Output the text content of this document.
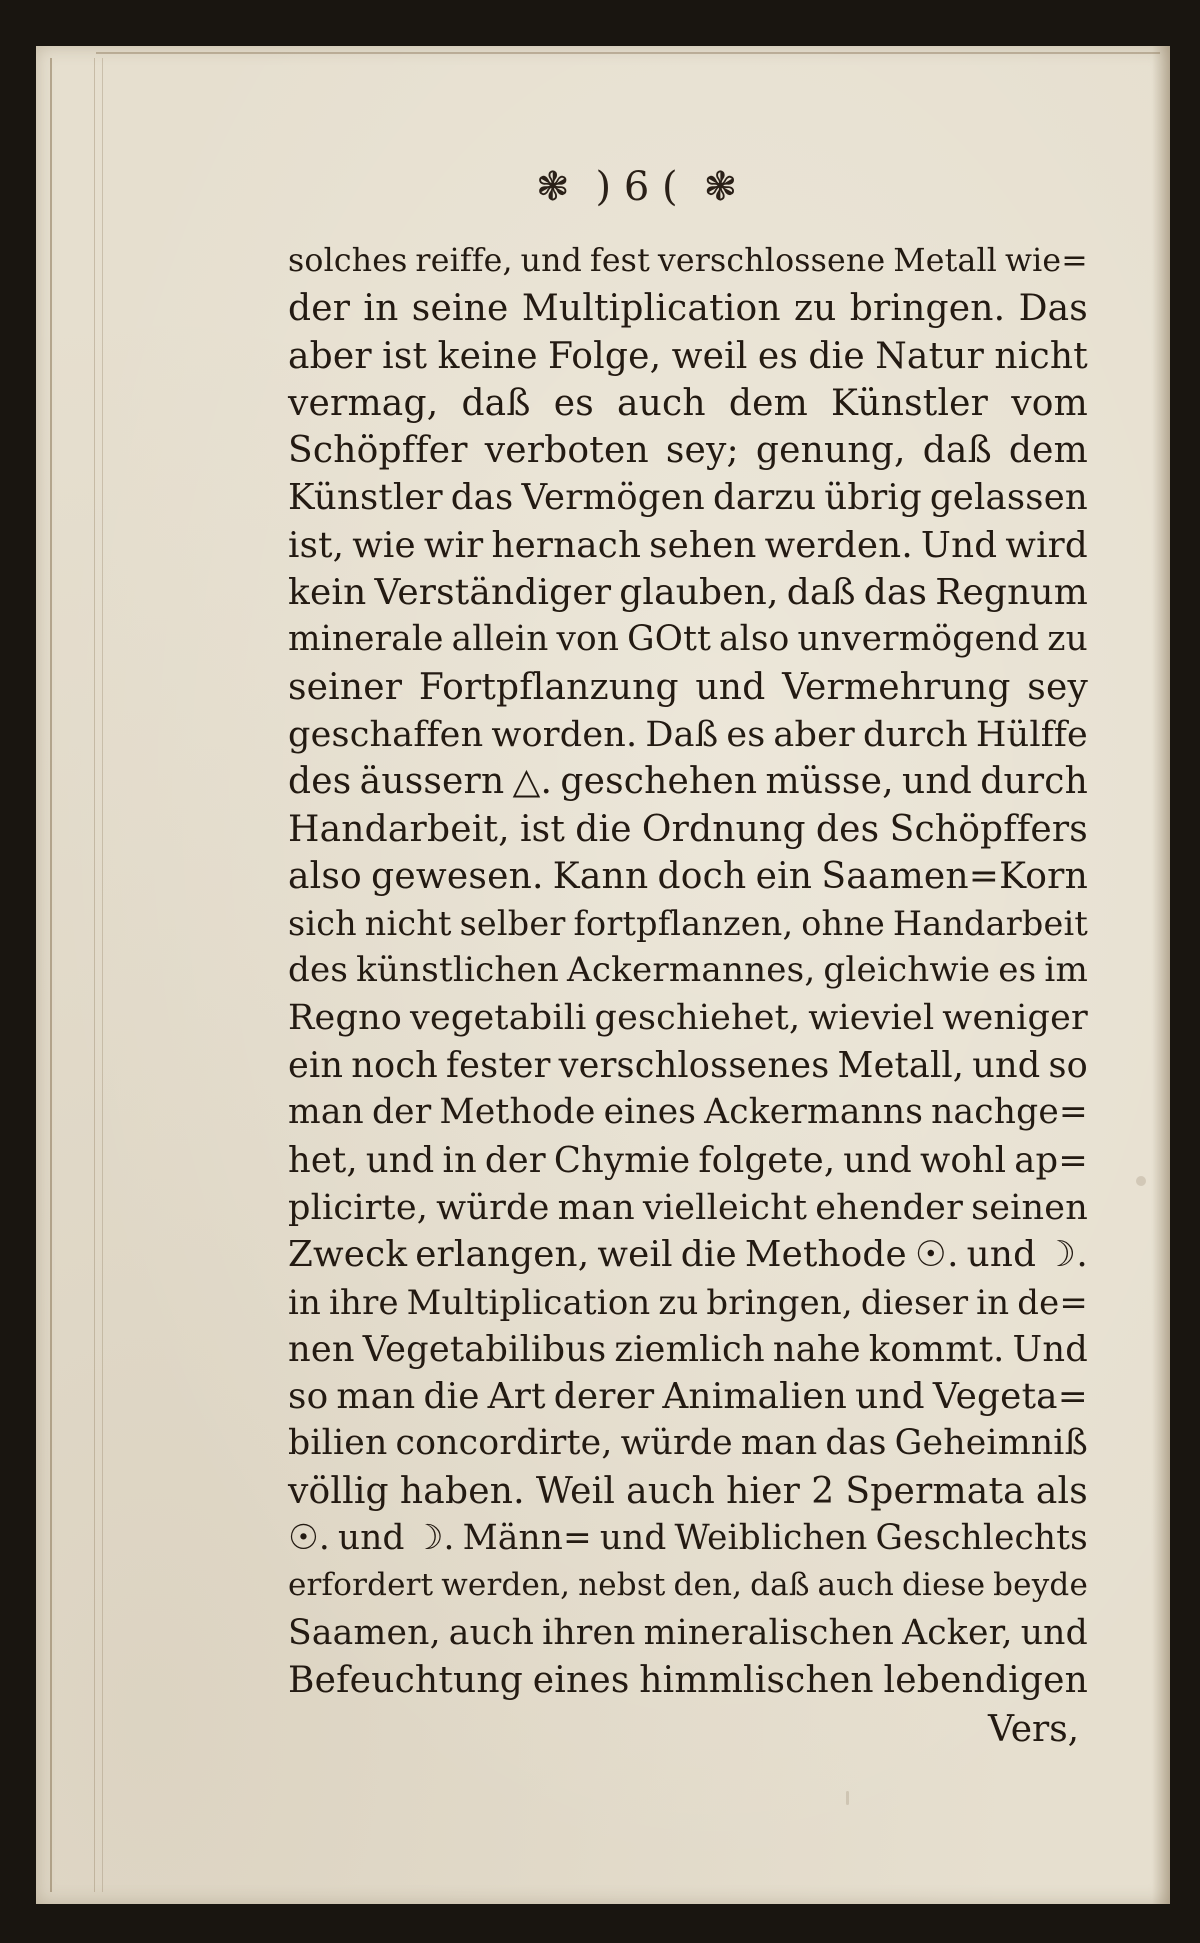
❃ ) 6 ( ❃
solches reiffe, und fest verschlossene Metall wie=
der in seine Multiplication zu bringen. Das
aber ist keine Folge, weil es die Natur nicht
vermag, daß es auch dem Künstler vom
Schöpffer verboten sey; genung, daß dem
Künstler das Vermögen darzu übrig gelassen
ist, wie wir hernach sehen werden. Und wird
kein Verständiger glauben, daß das Regnum
minerale allein von GOtt also unvermögend zu
seiner Fortpflanzung und Vermehrung sey
geschaffen worden. Daß es aber durch Hülffe
des äussern △. geschehen müsse, und durch
Handarbeit, ist die Ordnung des Schöpffers
also gewesen. Kann doch ein Saamen=Korn
sich nicht selber fortpflanzen, ohne Handarbeit
des künstlichen Ackermannes, gleichwie es im
Regno vegetabili geschiehet, wieviel weniger
ein noch fester verschlossenes Metall, und so
man der Methode eines Ackermanns nachge=
het, und in der Chymie folgete, und wohl ap=
plicirte, würde man vielleicht ehender seinen
Zweck erlangen, weil die Methode ☉. und ☽.
in ihre Multiplication zu bringen, dieser in de=
nen Vegetabilibus ziemlich nahe kommt. Und
so man die Art derer Animalien und Vegeta=
bilien concordirte, würde man das Geheimniß
völlig haben. Weil auch hier 2 Spermata als
☉. und ☽. Männ= und Weiblichen Geschlechts
erfordert werden, nebst den, daß auch diese beyde
Saamen, auch ihren mineralischen Acker, und
Befeuchtung eines himmlischen lebendigen
Vers,
